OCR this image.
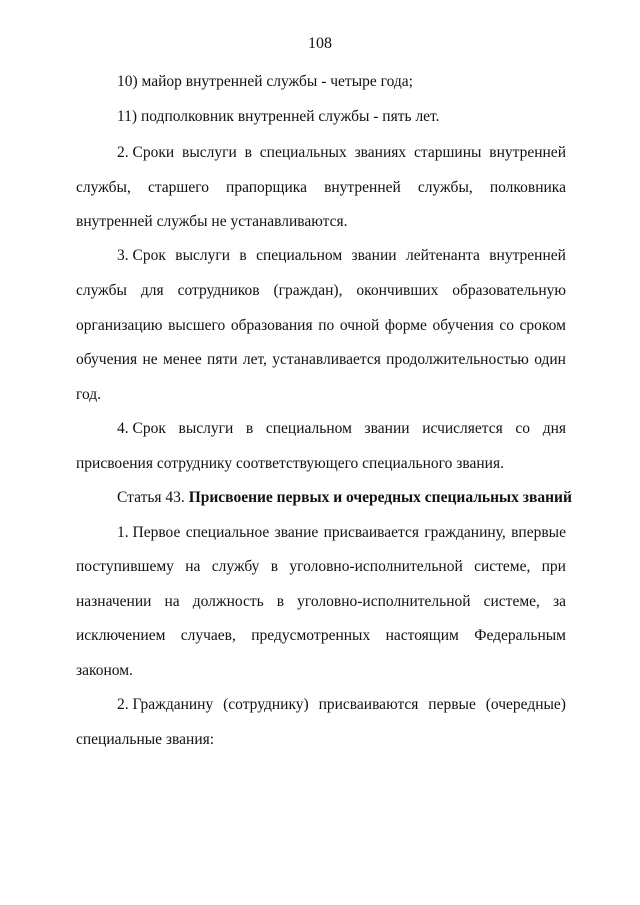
108
10) майор внутренней службы - четыре года;
11) подполковник внутренней службы - пять лет.
2. Сроки выслуги в специальных званиях старшины внутренней
службы, старшего прапорщика внутренней службы, полковника
внутренней службы не устанавливаются.
3. Срок выслуги в специальном звании лейтенанта внутренней
службы для сотрудников (граждан), окончивших образовательную
организацию высшего образования по очной форме обучения со сроком
обучения не менее пяти лет, устанавливается продолжительностью один
год.
4. Срок выслуги в специальном звании исчисляется со дня
присвоения сотруднику соответствующего специального звания.
Статья 43. Присвоение первых и очередных специальных званий
1. Первое специальное звание присваивается гражданину, впервые
поступившему на службу в уголовно-исполнительной системе, при
назначении на должность в уголовно-исполнительной системе, за
исключением случаев, предусмотренных настоящим Федеральным
законом.
2. Гражданину (сотруднику) присваиваются первые (очередные)
специальные звания:
